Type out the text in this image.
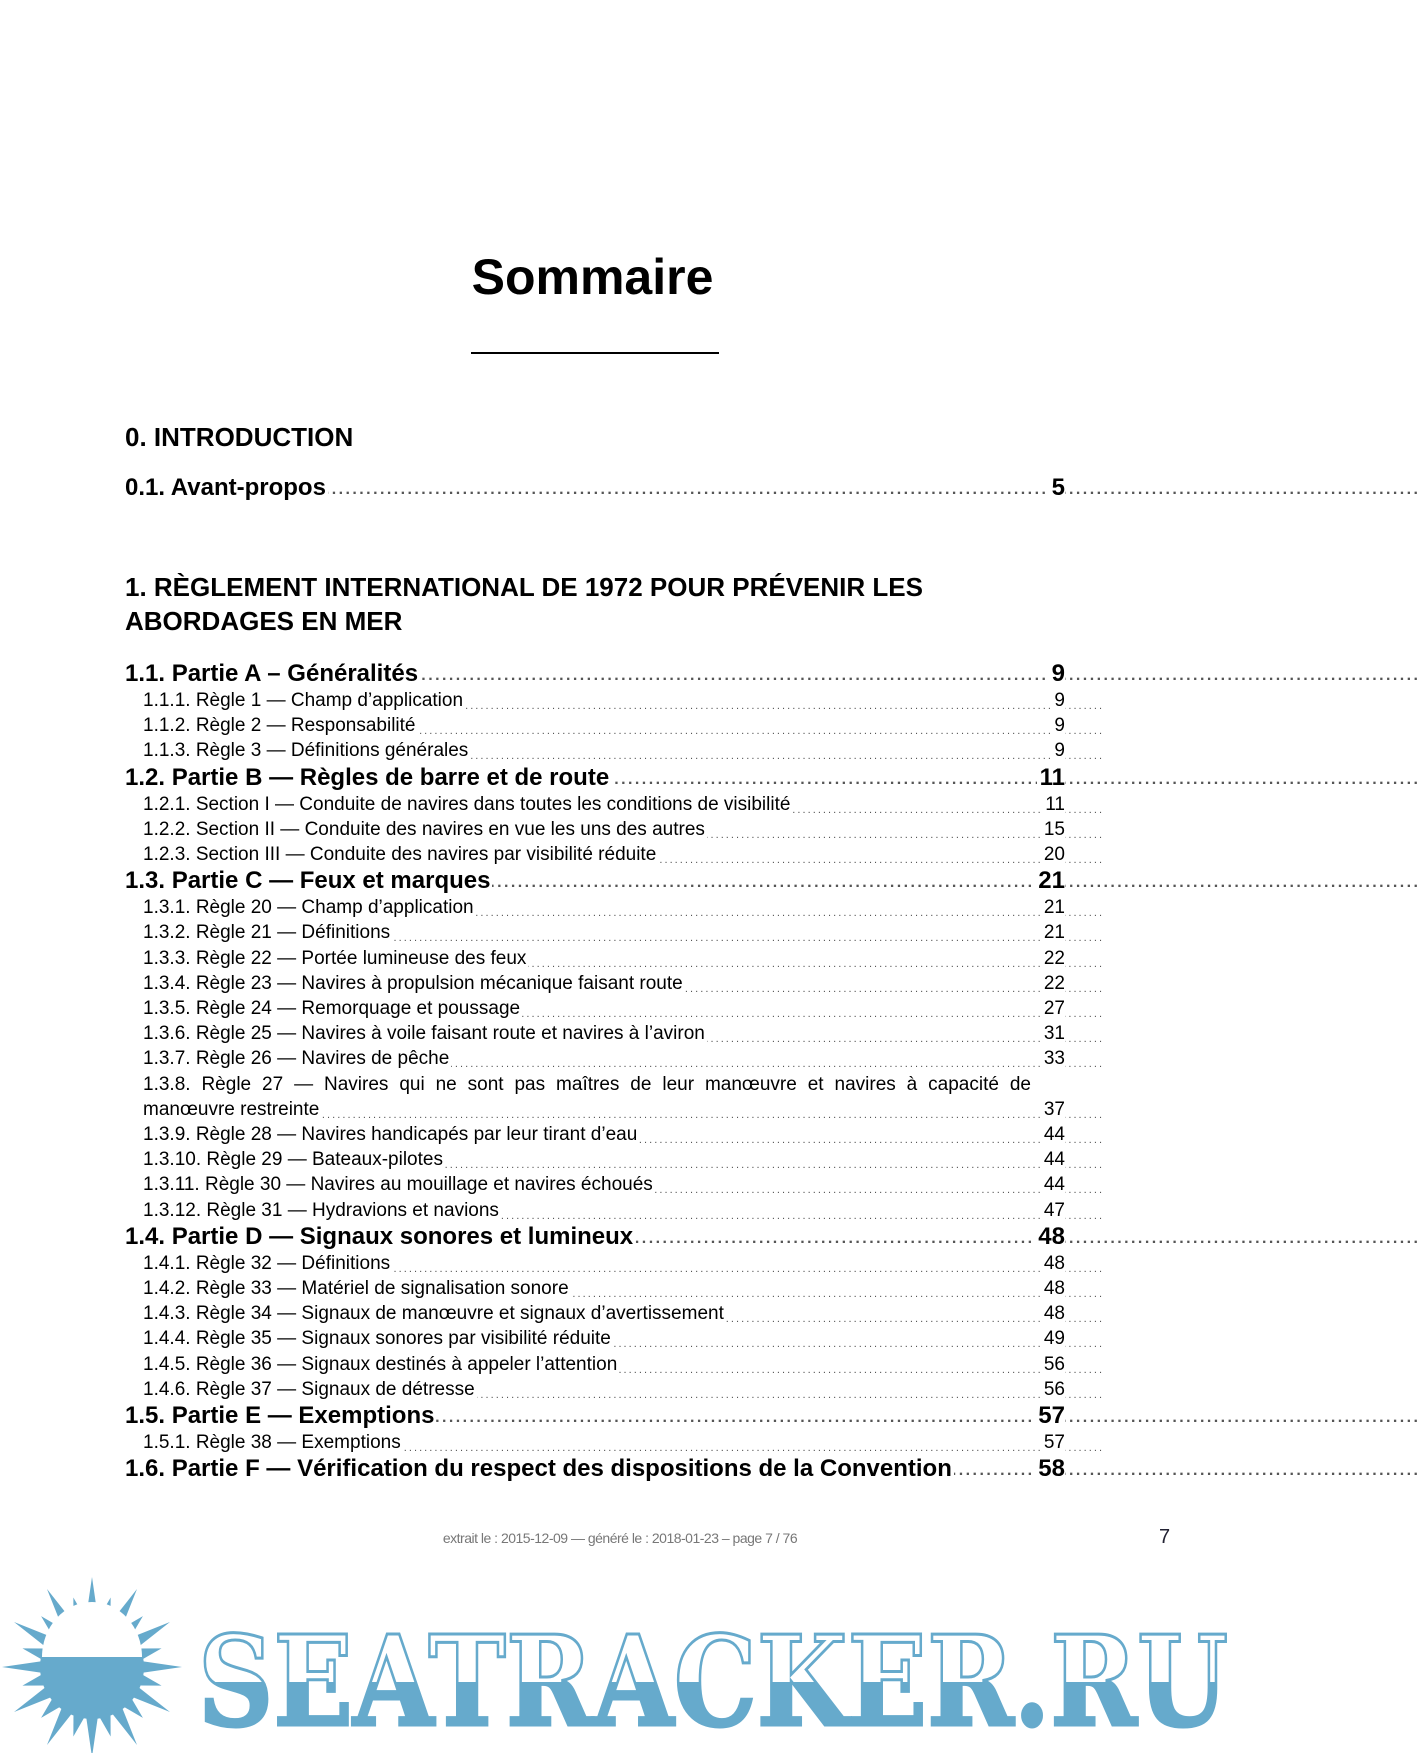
Sommaire
0. INTRODUCTION
0.1. Avant-propos	5
. . .
1. RÈGLEMENT INTERNATIONAL DE 1972 POUR PRÉVENIR LES ABORDAGES EN MER
1.1. Partie A – Généralités	9
. . .
1.1.1. Règle 1 — Champ d’application	9
. . .
1.1.2. Règle 2 — Responsabilité	9
. . .
1.1.3. Règle 3 — Définitions générales	9
. . .
1.2. Partie B — Règles de barre et de route	11
. . .
1.2.1. Section I — Conduite de navires dans toutes les conditions de visibilité	11
. . .
1.2.2. Section II — Conduite des navires en vue les uns des autres	15
. . .
1.2.3. Section III — Conduite des navires par visibilité réduite	20
. . .
1.3. Partie C — Feux et marques	21
. . .
1.3.1. Règle 20 — Champ d’application	21
. . .
1.3.2. Règle 21 — Définitions	21
. . .
1.3.3. Règle 22 — Portée lumineuse des feux	22
. . .
1.3.4. Règle 23 — Navires à propulsion mécanique faisant route	22
. . .
1.3.5. Règle 24 — Remorquage et poussage	27
. . .
1.3.6. Règle 25 — Navires à voile faisant route et navires à l’aviron	31
. . .
1.3.7. Règle 26 — Navires de pêche	33
. . .
1.3.8. Règle 27 — Navires qui ne sont pas maîtres de leur manœuvre et navires à capacité de manœuvre restreinte	37
. . .
1.3.9. Règle 28 — Navires handicapés par leur tirant d’eau	44
. . .
1.3.10. Règle 29 — Bateaux-pilotes	44
. . .
1.3.11. Règle 30 — Navires au mouillage et navires échoués	44
. . .
1.3.12. Règle 31 — Hydravions et navions	47
. . .
1.4. Partie D — Signaux sonores et lumineux	48
. . .
1.4.1. Règle 32 — Définitions	48
. . .
1.4.2. Règle 33 — Matériel de signalisation sonore	48
. . .
1.4.3. Règle 34 — Signaux de manœuvre et signaux d’avertissement	48
. . .
1.4.4. Règle 35 — Signaux sonores par visibilité réduite	49
. . .
1.4.5. Règle 36 — Signaux destinés à appeler l’attention	56
. . .
1.4.6. Règle 37 — Signaux de détresse	56
. . .
1.5. Partie E — Exemptions	57
. . .
1.5.1. Règle 38 — Exemptions	57
. . .
1.6. Partie F — Vérification du respect des dispositions de la Convention	58
. . .
SEATRACKER.RU
extrait le : 2015-12-09 — généré le : 2018-01-23 – page 7 / 76	7
